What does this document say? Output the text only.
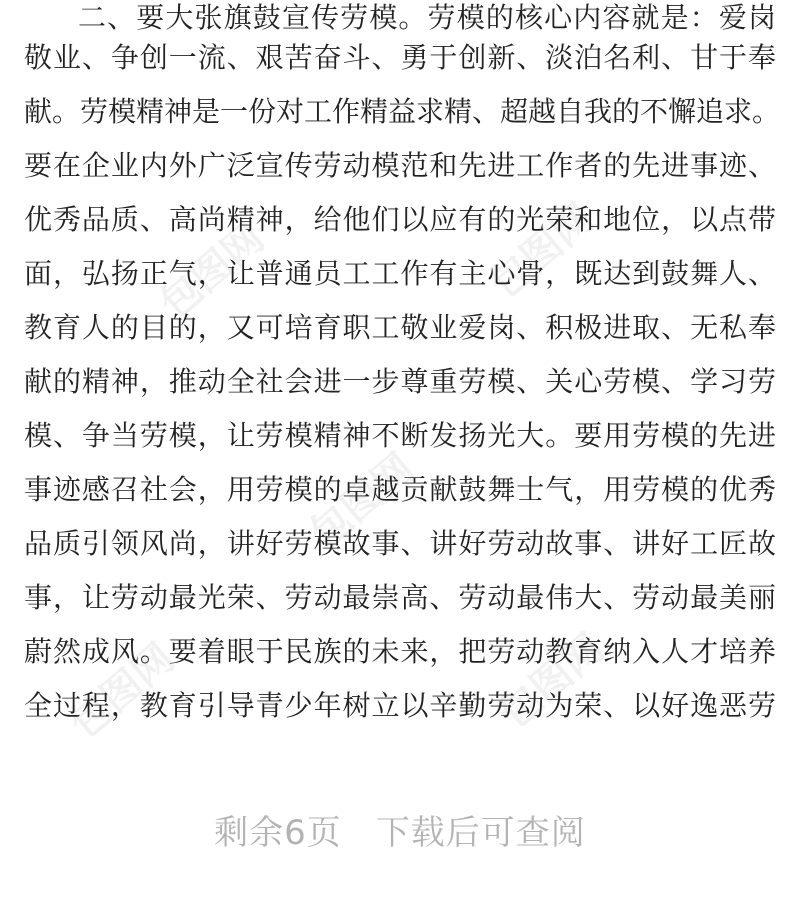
包图网	包图网
包图网
包图网	包图网
二、要大张旗鼓宣传劳模。劳模的核心内容就是：爱岗
敬业、争创一流、艰苦奋斗、勇于创新、淡泊名利、甘于奉
献。劳模精神是一份对工作精益求精、超越自我的不懈追求。
要在企业内外广泛宣传劳动模范和先进工作者的先进事迹、
优秀品质、高尚精神，给他们以应有的光荣和地位，以点带
面，弘扬正气，让普通员工工作有主心骨，既达到鼓舞人、
教育人的目的，又可培育职工敬业爱岗、积极进取、无私奉
献的精神，推动全社会进一步尊重劳模、关心劳模、学习劳
模、争当劳模，让劳模精神不断发扬光大。要用劳模的先进
事迹感召社会，用劳模的卓越贡献鼓舞士气，用劳模的优秀
品质引领风尚，讲好劳模故事、讲好劳动故事、讲好工匠故
事，让劳动最光荣、劳动最崇高、劳动最伟大、劳动最美丽
蔚然成风。要着眼于民族的未来，把劳动教育纳入人才培养
全过程，教育引导青少年树立以辛勤劳动为荣、以好逸恶劳
剩余6页 下载后可查阅
